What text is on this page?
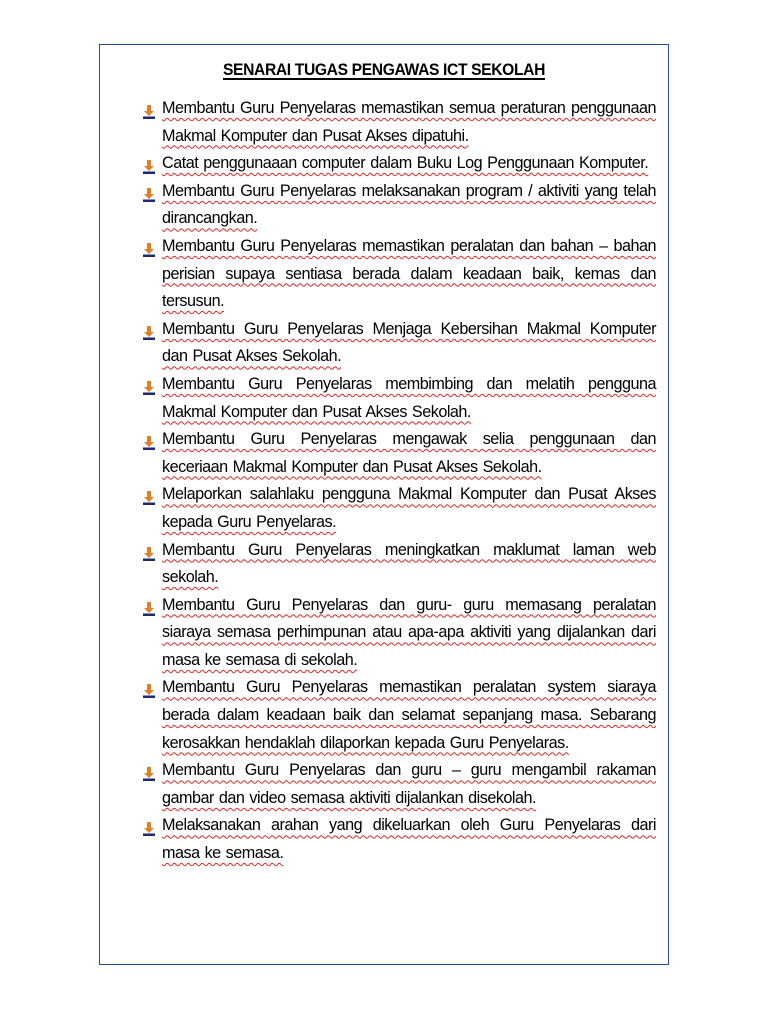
SENARAI TUGAS PENGAWAS ICT SEKOLAH
Membantu Guru Penyelaras memastikan semua peraturan penggunaan Makmal Komputer dan Pusat Akses dipatuhi.
Catat penggunaaan computer dalam Buku Log Penggunaan Komputer.
Membantu Guru Penyelaras melaksanakan program / aktiviti yang telah dirancangkan.
Membantu Guru Penyelaras memastikan peralatan dan bahan – bahan perisian supaya sentiasa berada dalam keadaan baik, kemas dan tersusun.
Membantu Guru Penyelaras Menjaga Kebersihan Makmal Komputer dan Pusat Akses Sekolah.
Membantu Guru Penyelaras membimbing dan melatih pengguna Makmal Komputer dan Pusat Akses Sekolah.
Membantu Guru Penyelaras mengawak selia penggunaan dan keceriaan Makmal Komputer dan Pusat Akses Sekolah.
Melaporkan salahlaku pengguna Makmal Komputer dan Pusat Akses kepada Guru Penyelaras.
Membantu Guru Penyelaras meningkatkan maklumat laman web sekolah.
Membantu Guru Penyelaras dan guru- guru memasang peralatan siaraya semasa perhimpunan atau apa-apa aktiviti yang dijalankan dari masa ke semasa di sekolah.
Membantu Guru Penyelaras memastikan peralatan system siaraya berada dalam keadaan baik dan selamat sepanjang masa. Sebarang kerosakkan hendaklah dilaporkan kepada Guru Penyelaras.
Membantu Guru Penyelaras dan guru – guru mengambil rakaman gambar dan video semasa aktiviti dijalankan disekolah.
Melaksanakan arahan yang dikeluarkan oleh Guru Penyelaras dari masa ke semasa.
